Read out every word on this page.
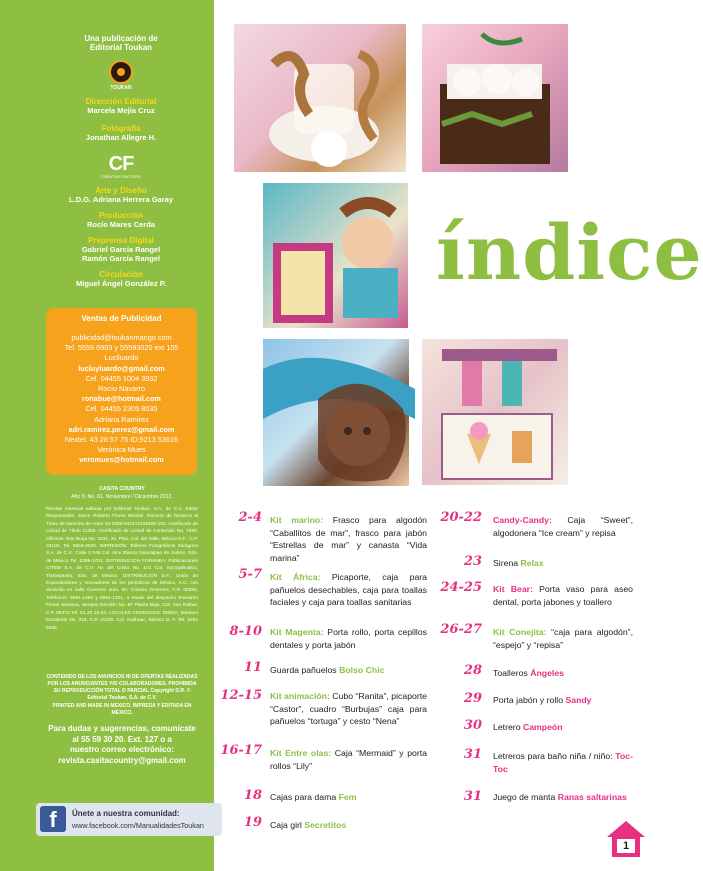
Una publicación de
Editorial Toukan
TOUKAN
Dirección Editorial
Marcela Mejía Cruz
Fotografía
Jonathan Allegre H.
CF
CREATIVE FACTORY
Arte y Diseño
L.D.G. Adriana Herrera Garay
Producción
Rocío Mares Cerda
Preprensa Digital
Gabriel García Rangel
Ramón García Rangel
Circulación
Miguel Ángel González P.
Ventas de Publicidad
publicidad@toukanmango.com
Tel. 5559 6903 y 55593020 ext 105
Luclluardo
lucluyluardo@gmail.com
Cel. 04455 1004 3932
Rocío Navarro
ronabue@hotmail.com
Cel. 04455 2305 8035
Adriana Ramírez
adri.ramirez.perez@gmail.com
Nextel: 43 28 57 75 ID:9213 53616
Verónica Mues
veromues@hotmail.com
CASITA COUNTRY
Año 9, No. 81, Noviembre / Diciembre 2012.
Revista mensual editada por Editorial Toukan, S.A. de C.V. Editor Responsable: Jaime Roberto Flores Montiel. Número de Reserva al Título de Derecho de Autor 04-2000-041817225400-102. Certificado de Licitud de Título 11360. Certificado de Licitud de Contenido No. 7920. Oficinas: San Borja No. 1031, 2o. Piso, Col. del Valle, México D.F., C.P. 03100, Tel. 5559-3020. IMPRESIÓN: Talleres Fotográficos Zaragoza S.A. de C.V., Calle 3 #48 Col. Alce Blanco Naucalpan de Juárez, Edo. de México Tel. 5359-1701. DISTRIBUCIÓN FORÁNEA: Publicaciones CITEM S.A. de C.V. Av. del Cristo No. 101 Col. Xocoyahualco, Tlalnepantla, Edo. de México. DISTRIBUCIÓN D.F.: Unión de Expendedores y Voceadores de los periódicos de México, A.C. con domicilio en calle Guerrero núm. 50, Colonia Guerrero, C.P. 06350, Teléfonos: 5591-1400 y 5591-1401, a través del despacho Everardo Flores Santana, Serapio Rendón No. 87 Planta Baja, Col. San Rafael, C.P. 06470 Tel. 51 20 19 64. LOCALES CERRADOS: DIMSA, Mariano Escobedo No. 218, C.P. 11320. Col. Anáhuac, México D. F. Tel. 5262 9439.
CONTENIDO DE LOS ANUNCIOS NI DE OFERTAS REALIZADAS POR LOS ANUNCIANTES Y/O COLABORADORES. PROHIBIDA SU REPRODUCCIÓN TOTAL O PARCIAL Copyright D.R. © Editorial Toukan, S.A. de C.V.
PRINTED AND MADE IN MEXICO. IMPRESA Y EDITADA EN MÉXICO.
Para dudas y sugerencias, comunícate
al 55 59 30 20. Ext. 127 o a
nuestro correo electrónico:
revista.casitacountry@gmail.com
f	Únete a nuestra comunidad:
www.facebook.com/ManualidadesToukan
índice
2-4 Kit marino: Frasco para algodón “Caballitos de mar”, frasco para jabón “Estrellas de mar” y canasta “Vida marina”
5-7 Kit África: Picaporte, caja para pañuelos desechables, caja para toallas faciales y caja para toallas sanitarias
8-10 Kit Magenta: Porta rollo, porta cepillos dentales y porta jabón
11 Guarda pañuelos Bolso Chic
12-15 Kit animación: Cubo “Ranita”, picaporte “Castor”, cuadro “Burbujas” caja para pañuelos “tortuga” y cesto “Nena”
16-17 Kit Entre olas: Caja “Mermaid” y porta rollos “Lily”
18 Cajas para dama Fem
19 Caja girl Secretitos
20-22 Candy-Candy: Caja “Sweet”, algodonera “Ice cream” y repisa
23 Sirena Relax
24-25 Kit Bear: Porta vaso para aseo dental, porta jabones y toallero
26-27 Kit Conejita: “caja para algodón”, “espejo” y “repisa”
28 Toalleros Ángeles
29 Porta jabón y rollo Sandy
30 Letrero Campeón
31 Letreros para baño niña / niño: Toc-Toc
31 Juego de manta Ranas saltarinas
1
